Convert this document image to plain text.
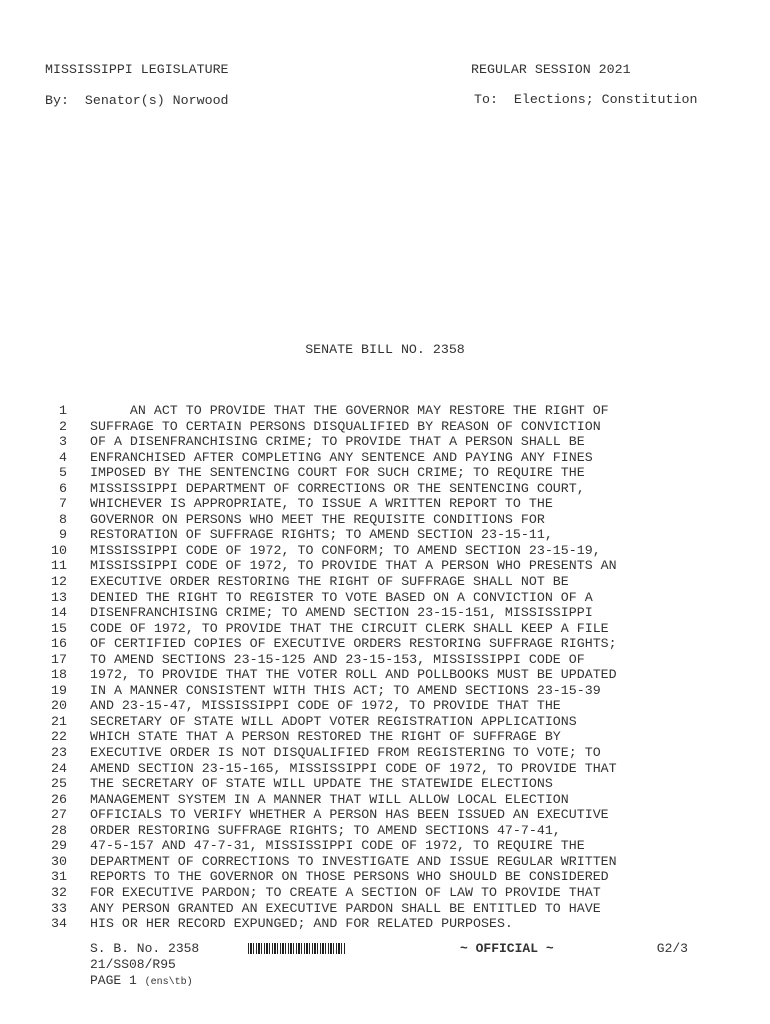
MISSISSIPPI LEGISLATURE
By:  Senator(s) Norwood
REGULAR SESSION 2021
To:  Elections; Constitution
SENATE BILL NO. 2358
1 AN ACT TO PROVIDE THAT THE GOVERNOR MAY RESTORE THE RIGHT OF
2 SUFFRAGE TO CERTAIN PERSONS DISQUALIFIED BY REASON OF CONVICTION
3 OF A DISENFRANCHISING CRIME; TO PROVIDE THAT A PERSON SHALL BE
4 ENFRANCHISED AFTER COMPLETING ANY SENTENCE AND PAYING ANY FINES
5 IMPOSED BY THE SENTENCING COURT FOR SUCH CRIME; TO REQUIRE THE
6 MISSISSIPPI DEPARTMENT OF CORRECTIONS OR THE SENTENCING COURT,
7 WHICHEVER IS APPROPRIATE, TO ISSUE A WRITTEN REPORT TO THE
8 GOVERNOR ON PERSONS WHO MEET THE REQUISITE CONDITIONS FOR
9 RESTORATION OF SUFFRAGE RIGHTS; TO AMEND SECTION 23-15-11,
10 MISSISSIPPI CODE OF 1972, TO CONFORM; TO AMEND SECTION 23-15-19,
11 MISSISSIPPI CODE OF 1972, TO PROVIDE THAT A PERSON WHO PRESENTS AN
12 EXECUTIVE ORDER RESTORING THE RIGHT OF SUFFRAGE SHALL NOT BE
13 DENIED THE RIGHT TO REGISTER TO VOTE BASED ON A CONVICTION OF A
14 DISENFRANCHISING CRIME; TO AMEND SECTION 23-15-151, MISSISSIPPI
15 CODE OF 1972, TO PROVIDE THAT THE CIRCUIT CLERK SHALL KEEP A FILE
16 OF CERTIFIED COPIES OF EXECUTIVE ORDERS RESTORING SUFFRAGE RIGHTS;
17 TO AMEND SECTIONS 23-15-125 AND 23-15-153, MISSISSIPPI CODE OF
18 1972, TO PROVIDE THAT THE VOTER ROLL AND POLLBOOKS MUST BE UPDATED
19 IN A MANNER CONSISTENT WITH THIS ACT; TO AMEND SECTIONS 23-15-39
20 AND 23-15-47, MISSISSIPPI CODE OF 1972, TO PROVIDE THAT THE
21 SECRETARY OF STATE WILL ADOPT VOTER REGISTRATION APPLICATIONS
22 WHICH STATE THAT A PERSON RESTORED THE RIGHT OF SUFFRAGE BY
23 EXECUTIVE ORDER IS NOT DISQUALIFIED FROM REGISTERING TO VOTE; TO
24 AMEND SECTION 23-15-165, MISSISSIPPI CODE OF 1972, TO PROVIDE THAT
25 THE SECRETARY OF STATE WILL UPDATE THE STATEWIDE ELECTIONS
26 MANAGEMENT SYSTEM IN A MANNER THAT WILL ALLOW LOCAL ELECTION
27 OFFICIALS TO VERIFY WHETHER A PERSON HAS BEEN ISSUED AN EXECUTIVE
28 ORDER RESTORING SUFFRAGE RIGHTS; TO AMEND SECTIONS 47-7-41,
29 47-5-157 AND 47-7-31, MISSISSIPPI CODE OF 1972, TO REQUIRE THE
30 DEPARTMENT OF CORRECTIONS TO INVESTIGATE AND ISSUE REGULAR WRITTEN
31 REPORTS TO THE GOVERNOR ON THOSE PERSONS WHO SHOULD BE CONSIDERED
32 FOR EXECUTIVE PARDON; TO CREATE A SECTION OF LAW TO PROVIDE THAT
33 ANY PERSON GRANTED AN EXECUTIVE PARDON SHALL BE ENTITLED TO HAVE
34 HIS OR HER RECORD EXPUNGED; AND FOR RELATED PURPOSES.
S. B. No. 2358	~ OFFICIAL ~	G2/3
21/SS08/R95
PAGE 1 (ens\tb)
